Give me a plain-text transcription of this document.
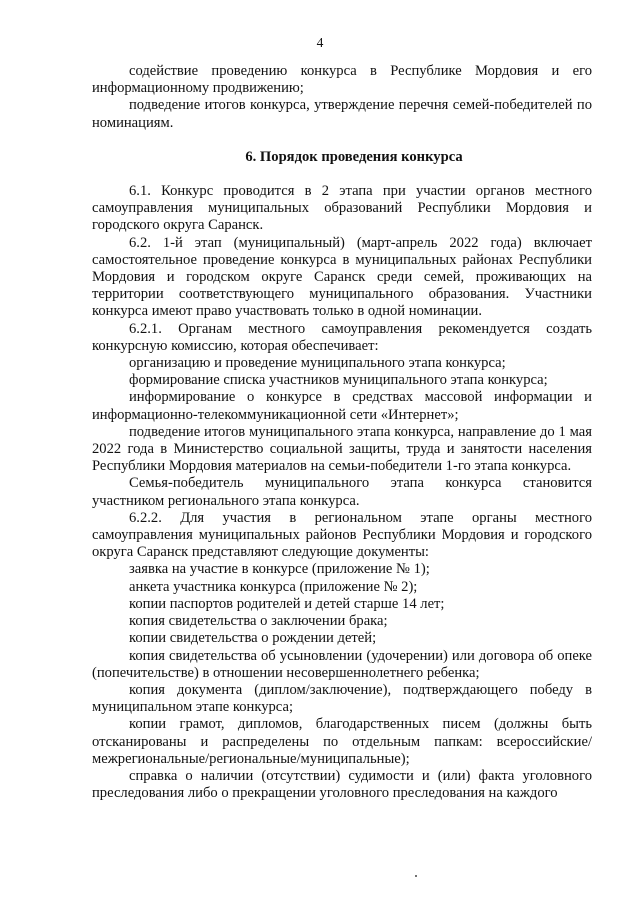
4

содействие проведению конкурса в Республике Мордовия и его информационному продвижению;

подведение итогов конкурса, утверждение перечня семей-победителей по номинациям.

6. Порядок проведения конкурса

6.1. Конкурс проводится в 2 этапа при участии органов местного самоуправления муниципальных образований Республики Мордовия и городского округа Саранск.

6.2. 1-й этап (муниципальный) (март-апрель 2022 года) включает самостоятельное проведение конкурса в муниципальных районах Республики Мордовия и городском округе Саранск среди семей, проживающих на территории соответствующего муниципального образования. Участники конкурса имеют право участвовать только в одной номинации.

6.2.1. Органам местного самоуправления рекомендуется создать конкурсную комиссию, которая обеспечивает:

организацию и проведение муниципального этапа конкурса;

формирование списка участников муниципального этапа конкурса;

информирование о конкурсе в средствах массовой информации и информационно-телекоммуникационной сети «Интернет»;

подведение итогов муниципального этапа конкурса, направление до 1 мая 2022 года в Министерство социальной защиты, труда и занятости населения Республики Мордовия материалов на семьи-победители 1-го этапа конкурса.

Семья-победитель муниципального этапа конкурса становится участником регионального этапа конкурса.

6.2.2. Для участия в региональном этапе органы местного самоуправления муниципальных районов Республики Мордовия и городского округа Саранск представляют следующие документы:

заявка на участие в конкурсе (приложение № 1);

анкета участника конкурса (приложение № 2);

копии паспортов родителей и детей старше 14 лет;

копия свидетельства о заключении брака;

копии свидетельства о рождении детей;

копия свидетельства об усыновлении (удочерении) или договора об опеке (попечительстве) в отношении несовершеннолетнего ребенка;

копия документа (диплом/заключение), подтверждающего победу в муниципальном этапе конкурса;

копии грамот, дипломов, благодарственных писем (должны быть отсканированы и распределены по отдельным папкам: всероссийские/межрегиональные/региональные/муниципальные);

справка о наличии (отсутствии) судимости и (или) факта уголовного преследования либо о прекращении уголовного преследования на каждого
